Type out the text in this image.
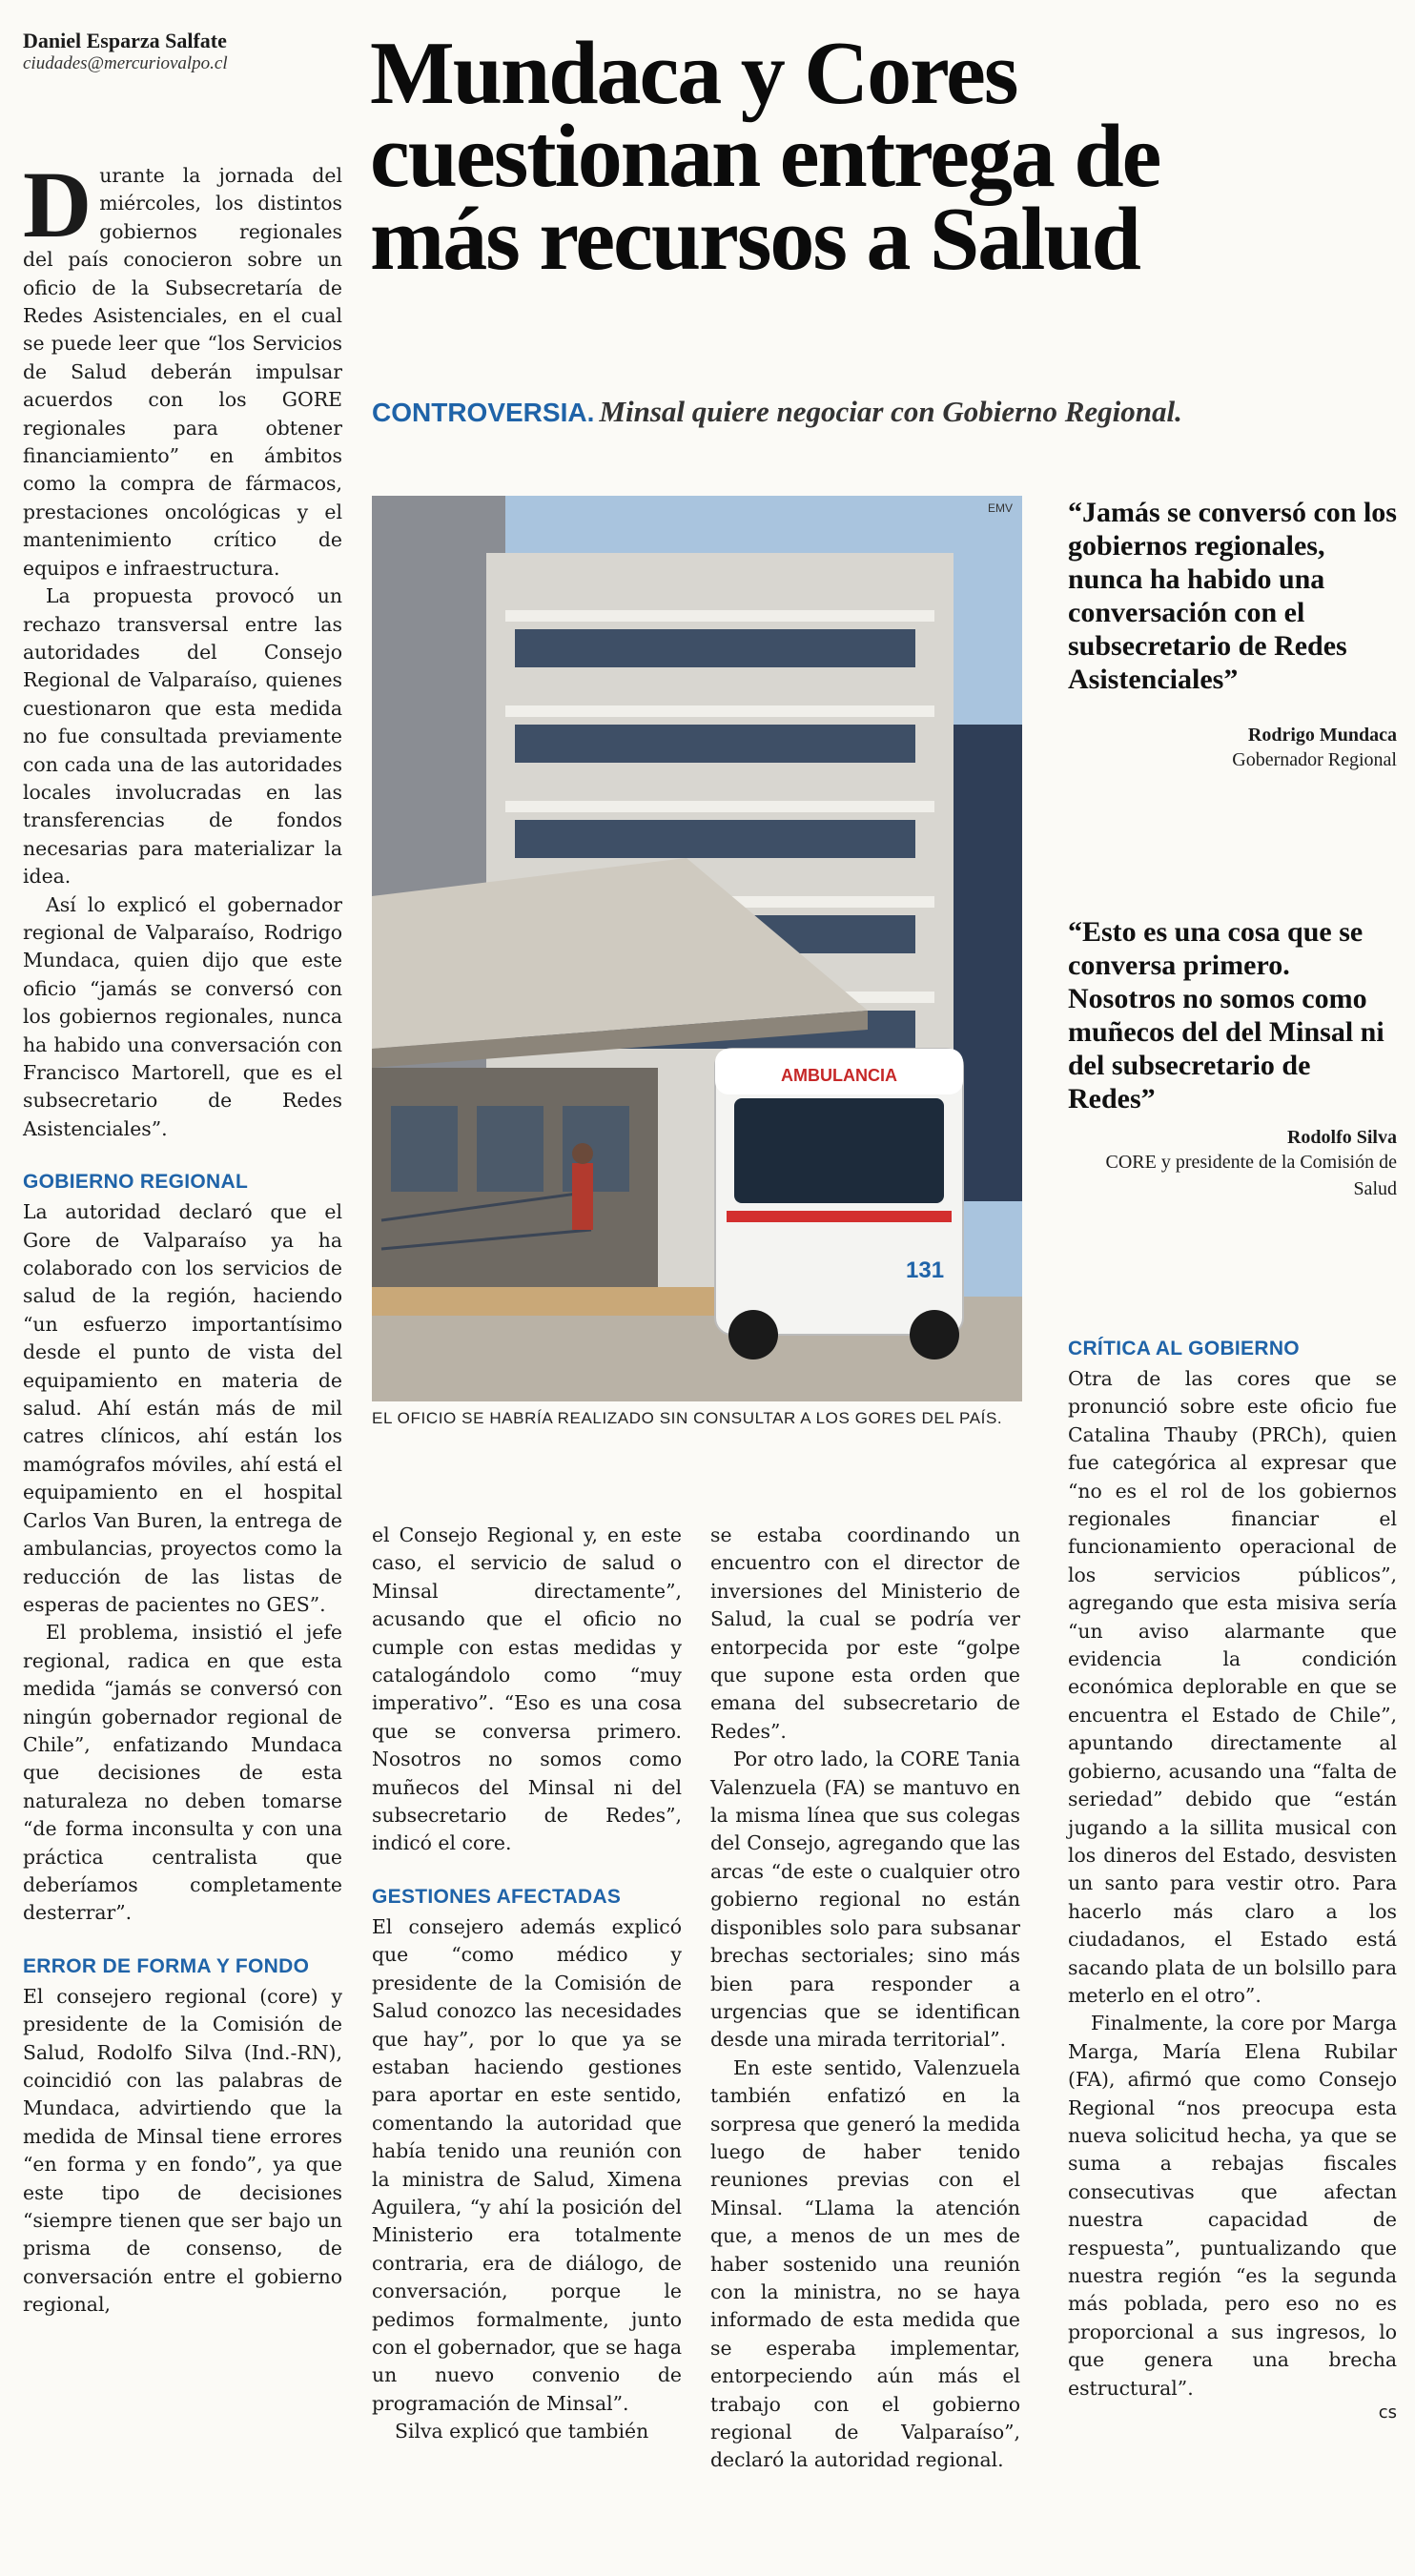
Daniel Esparza Salfate
ciudades@mercuriovalpo.cl	Mundaca y Cores
cuestionan entrega de
más recursos a Salud
CONTROVERSIA. Minsal quiere negociar con Gobierno Regional.
AMBULANCIA
131
EMV
EL OFICIO SE HABRÍA REALIZADO SIN CONSULTAR A LOS GORES DEL PAÍS.

“Jamás se conversó con los gobiernos regionales, nunca ha habido una conversación con el subsecretario de Redes Asistenciales”

Rodrigo Mundaca
Gobernador Regional

“Esto es una cosa que se conversa primero. Nosotros no somos como muñecos del del Minsal ni del subsecretario de Redes”

Rodolfo Silva
CORE y presidente de la Comisión de Salud
D urante la jornada del miércoles, los distintos gobiernos regionales del país conocieron sobre un oficio de la Subsecretaría de Redes Asistenciales, en el cual se puede leer que “los Servicios de Salud deberán impulsar acuerdos con los GORE regionales para obtener financiamiento” en ámbitos como la compra de fármacos, prestaciones oncológicas y el mantenimiento crítico de equipos e infraestructura.

La propuesta provocó un rechazo transversal entre las autoridades del Consejo Regional de Valparaíso, quienes cuestionaron que esta medida no fue consultada previamente con cada una de las autoridades locales involucradas en las transferencias de fondos necesarias para materializar la idea.

Así lo explicó el gobernador regional de Valparaíso, Rodrigo Mundaca, quien dijo que este oficio “jamás se conversó con los gobiernos regionales, nunca ha habido una conversación con Francisco Martorell, que es el subsecretario de Redes Asistenciales”.

GOBIERNO REGIONAL

La autoridad declaró que el Gore de Valparaíso ya ha colaborado con los servicios de salud de la región, haciendo “un esfuerzo importantísimo desde el punto de vista del equipamiento en materia de salud. Ahí están más de mil catres clínicos, ahí están los mamógrafos móviles, ahí está el equipamiento en el hospital Carlos Van Buren, la entrega de ambulancias, proyectos como la reducción de las listas de esperas de pacientes no GES”.

El problema, insistió el jefe regional, radica en que esta medida “jamás se conversó con ningún gobernador regional de Chile”, enfatizando Mundaca que decisiones de esta naturaleza no deben tomarse “de forma inconsulta y con una práctica centralista que deberíamos completamente desterrar”.

ERROR DE FORMA Y FONDO

El consejero regional (core) y presidente de la Comisión de Salud, Rodolfo Silva (Ind.-RN), coincidió con las palabras de Mundaca, advirtiendo que la medida de Minsal tiene errores “en forma y en fondo”, ya que este tipo de decisiones “siempre tienen que ser bajo un prisma de consenso, de conversación entre el gobierno regional,

el Consejo Regional y, en este caso, el servicio de salud o Minsal directamente”, acusando que el oficio no cumple con estas medidas y catalogándolo como “muy imperativo”. “Eso es una cosa que se conversa primero. Nosotros no somos como muñecos del Minsal ni del subsecretario de Redes”, indicó el core.

GESTIONES AFECTADAS

El consejero además explicó que “como médico y presidente de la Comisión de Salud conozco las necesidades que hay”, por lo que ya se estaban haciendo gestiones para aportar en este sentido, comentando la autoridad que había tenido una reunión con la ministra de Salud, Ximena Aguilera, “y ahí la posición del Ministerio era totalmente contraria, era de diálogo, de conversación, porque le pedimos formalmente, junto con el gobernador, que se haga un nuevo convenio de programación de Minsal”.

Silva explicó que también

se estaba coordinando un encuentro con el director de inversiones del Ministerio de Salud, la cual se podría ver entorpecida por este “golpe que supone esta orden que emana del subsecretario de Redes”.

Por otro lado, la CORE Tania Valenzuela (FA) se mantuvo en la misma línea que sus colegas del Consejo, agregando que las arcas “de este o cualquier otro gobierno regional no están disponibles solo para subsanar brechas sectoriales; sino más bien para responder a urgencias que se identifican desde una mirada territorial”.

En este sentido, Valenzuela también enfatizó en la sorpresa que generó la medida luego de haber tenido reuniones previas con el Minsal. “Llama la atención que, a menos de un mes de haber sostenido una reunión con la ministra, no se haya informado de esta medida que se esperaba implementar, entorpeciendo aún más el trabajo con el gobierno regional de Valparaíso”, declaró la autoridad regional.

CRÍTICA AL GOBIERNO

Otra de las cores que se pronunció sobre este oficio fue Catalina Thauby (PRCh), quien fue categórica al expresar que “no es el rol de los gobiernos regionales financiar el funcionamiento operacional de los servicios públicos”, agregando que esta misiva sería “un aviso alarmante que evidencia la condición económica deplorable en que se encuentra el Estado de Chile”, apuntando directamente al gobierno, acusando una “falta de seriedad” debido que “están jugando a la sillita musical con los dineros del Estado, desvisten un santo para vestir otro. Para hacerlo más claro a los ciudadanos, el Estado está sacando plata de un bolsillo para meterlo en el otro”.

Finalmente, la core por Marga Marga, María Elena Rubilar (FA), afirmó que como Consejo Regional “nos preocupa esta nueva solicitud hecha, ya que se suma a rebajas fiscales consecutivas que afectan nuestra capacidad de respuesta”, puntualizando que nuestra región “es la segunda más poblada, pero eso no es proporcional a sus ingresos, lo que genera una brecha estructural”.

cs
